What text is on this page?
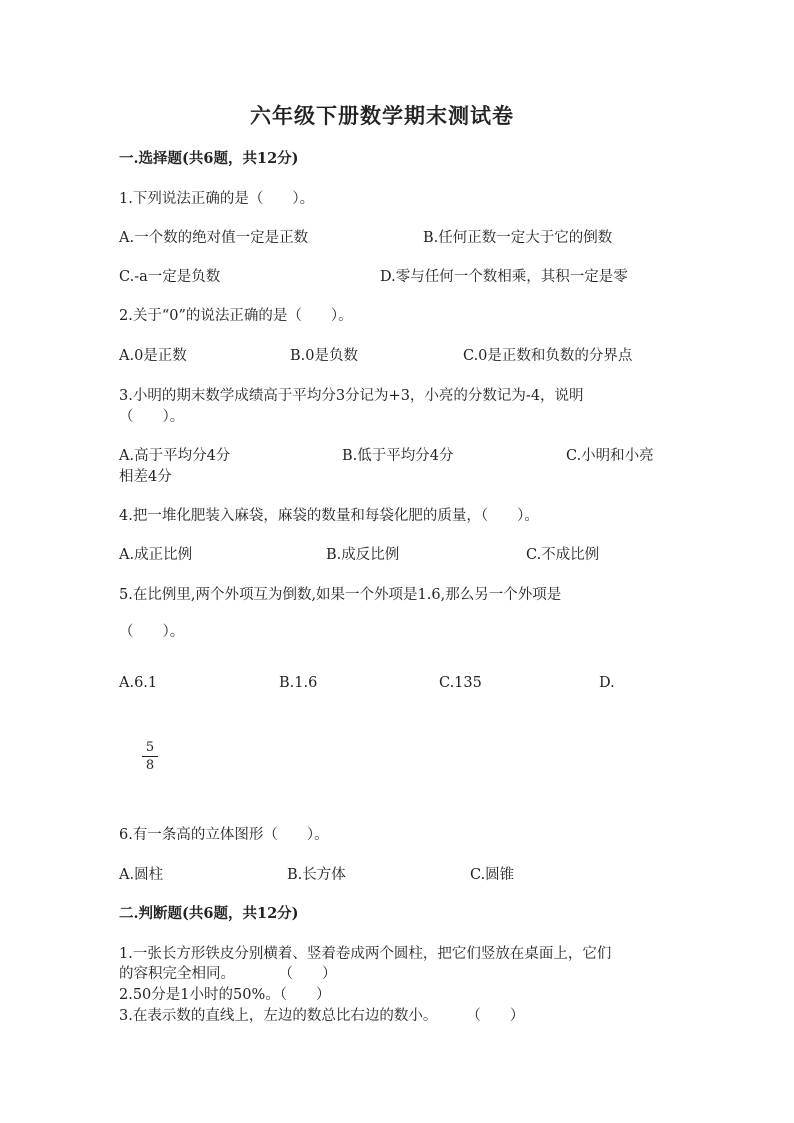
六年级下册数学期末测试卷
一.选择题(共6题，共12分)
1.下列说法正确的是（　　）。
A.一个数的绝对值一定是正数	B.任何正数一定大于它的倒数
C.-a一定是负数	D.零与任何一个数相乘，其积一定是零
2.关于“0”的说法正确的是（　　）。
A.0是正数	B.0是负数	C.0是正数和负数的分界点
3.小明的期末数学成绩高于平均分3分记为+3，小亮的分数记为-4，说明
（　　）。
A.高于平均分4分	B.低于平均分4分	C.小明和小亮
相差4分
4.把一堆化肥装入麻袋，麻袋的数量和每袋化肥的质量，（　　）。
A.成正比例	B.成反比例	C.不成比例
5.在比例里,两个外项互为倒数,如果一个外项是1.6,那么另一个外项是
（　　）。
A.6.1	B.1.6	C.135	D.
5
8
6.有一条高的立体图形（　　）。
A.圆柱	B.长方体	C.圆锥
二.判断题(共6题，共12分)
1.一张长方形铁皮分别横着、竖着卷成两个圆柱，把它们竖放在桌面上，它们
的容积完全相同。　　　　（　　）
2.50分是1小时的50%。（　　）
3.在表示数的直线上，左边的数总比右边的数小。　　　（　　）
